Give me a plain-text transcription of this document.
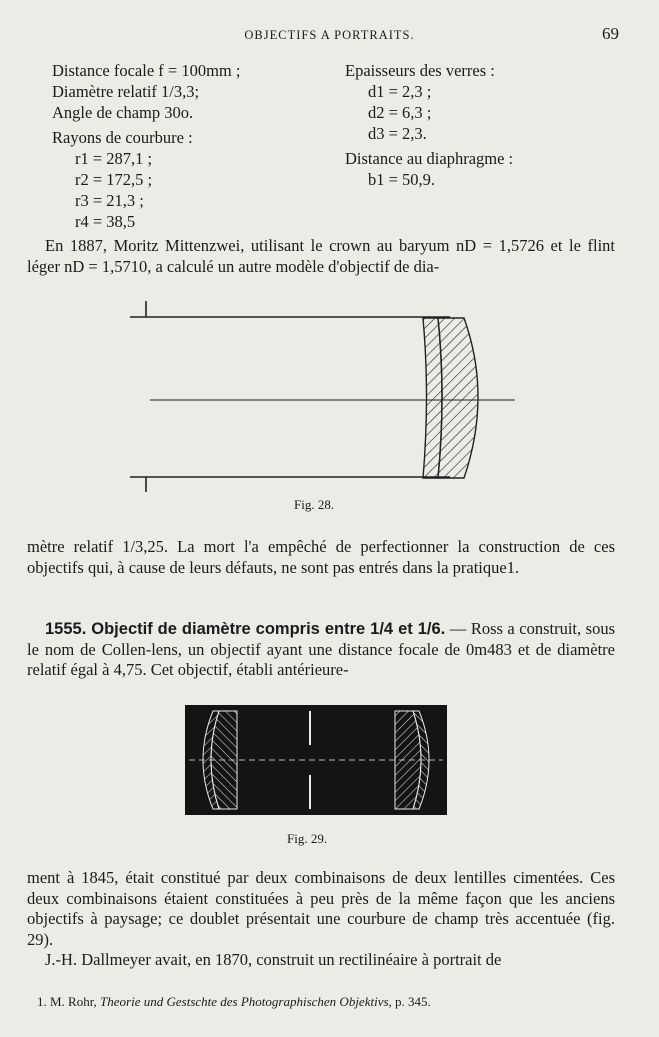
OBJECTIFS A PORTRAITS.	69
Distance focale f = 100mm ;
Diamètre relatif 1/3,3;
Angle de champ 30o.
Rayons de courbure :
r1 = 287,1 ;
r2 = 172,5 ;
r3 = 21,3 ;
r4 = 38,5
Epaisseurs des verres :
d1 = 2,3 ;
d2 = 6,3 ;
d3 = 2,3.
Distance au diaphragme :
b1 = 50,9.

En 1887, Moritz Mittenzwei, utilisant le crown au baryum nD = 1,5726 et le flint léger nD = 1,5710, a calculé un autre modèle d'objectif de dia-

Fig. 28.

mètre relatif 1/3,25. La mort l'a empêché de perfectionner la construction de ces objectifs qui, à cause de leurs défauts, ne sont pas entrés dans la pratique1.

1555. Objectif de diamètre compris entre 1/4 et 1/6. — Ross a construit, sous le nom de Collen-lens, un objectif ayant une distance focale de 0m483 et de diamètre relatif égal à 4,75. Cet objectif, établi antérieure-

Fig. 29.

ment à 1845, était constitué par deux combinaisons de deux lentilles cimentées. Ces deux combinaisons étaient constituées à peu près de la même façon que les anciens objectifs à paysage; ce doublet présentait une courbure de champ très accentuée (fig. 29).

J.-H. Dallmeyer avait, en 1870, construit un rectilinéaire à portrait de

1. M. Rohr, Theorie und Gestschte des Photographischen Objektivs, p. 345.
